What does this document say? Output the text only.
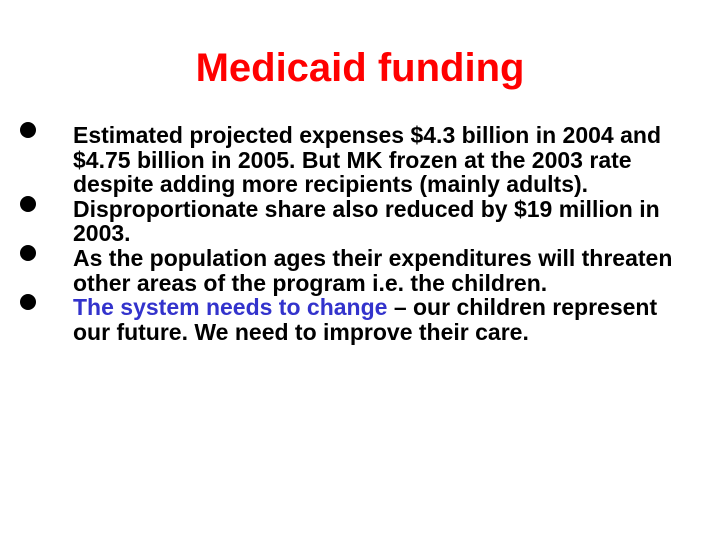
Medicaid funding
Estimated projected expenses $4.3 billion in 2004 and $4.75 billion in 2005. But MK frozen at the 2003 rate despite adding more recipients (mainly adults).
Disproportionate share also reduced by $19 million in 2003.
As the population ages their expenditures will threaten other areas of the program i.e. the children.
The system needs to change – our children represent our future. We need to improve their care.
